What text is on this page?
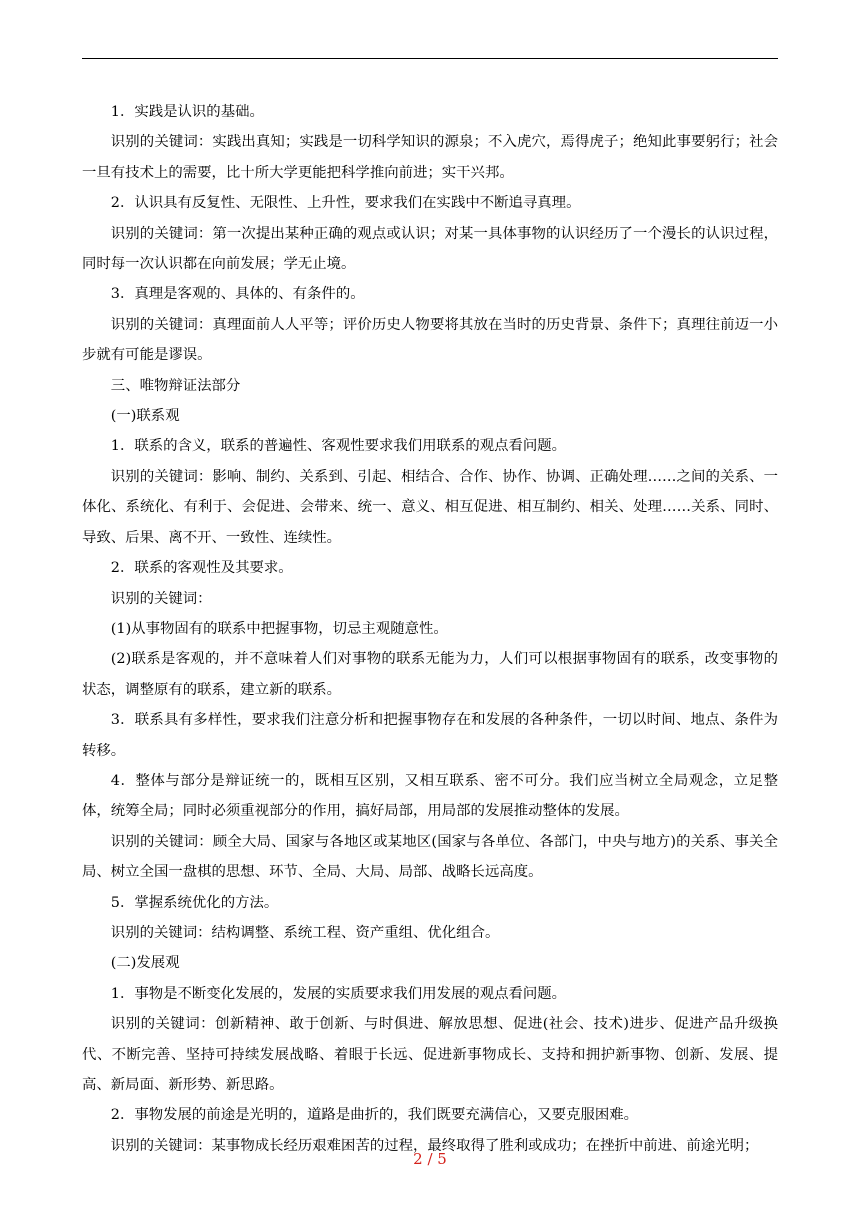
1．实践是认识的基础。

识别的关键词：实践出真知；实践是一切科学知识的源泉；不入虎穴，焉得虎子；绝知此事要躬行；社会一旦有技术上的需要，比十所大学更能把科学推向前进；实干兴邦。

2．认识具有反复性、无限性、上升性，要求我们在实践中不断追寻真理。

识别的关键词：第一次提出某种正确的观点或认识；对某一具体事物的认识经历了一个漫长的认识过程，同时每一次认识都在向前发展；学无止境。

3．真理是客观的、具体的、有条件的。

识别的关键词：真理面前人人平等；评价历史人物要将其放在当时的历史背景、条件下；真理往前迈一小步就有可能是谬误。

三、唯物辩证法部分

(一)联系观

1．联系的含义，联系的普遍性、客观性要求我们用联系的观点看问题。

识别的关键词：影响、制约、关系到、引起、相结合、合作、协作、协调、正确处理……之间的关系、一体化、系统化、有利于、会促进、会带来、统一、意义、相互促进、相互制约、相关、处理……关系、同时、导致、后果、离不开、一致性、连续性。

2．联系的客观性及其要求。

识别的关键词：

(1)从事物固有的联系中把握事物，切忌主观随意性。

(2)联系是客观的，并不意味着人们对事物的联系无能为力，人们可以根据事物固有的联系，改变事物的状态，调整原有的联系，建立新的联系。

3．联系具有多样性，要求我们注意分析和把握事物存在和发展的各种条件，一切以时间、地点、条件为转移。

4．整体与部分是辩证统一的，既相互区别，又相互联系、密不可分。我们应当树立全局观念，立足整体，统筹全局；同时必须重视部分的作用，搞好局部，用局部的发展推动整体的发展。

识别的关键词：顾全大局、国家与各地区或某地区(国家与各单位、各部门，中央与地方)的关系、事关全局、树立全国一盘棋的思想、环节、全局、大局、局部、战略长远高度。

5．掌握系统优化的方法。

识别的关键词：结构调整、系统工程、资产重组、优化组合。

(二)发展观

1．事物是不断变化发展的，发展的实质要求我们用发展的观点看问题。

识别的关键词：创新精神、敢于创新、与时俱进、解放思想、促进(社会、技术)进步、促进产品升级换代、不断完善、坚持可持续发展战略、着眼于长远、促进新事物成长、支持和拥护新事物、创新、发展、提高、新局面、新形势、新思路。

2．事物发展的前途是光明的，道路是曲折的，我们既要充满信心，又要克服困难。

识别的关键词：某事物成长经历艰难困苦的过程，最终取得了胜利或成功；在挫折中前进、前途光明；

2 / 5
